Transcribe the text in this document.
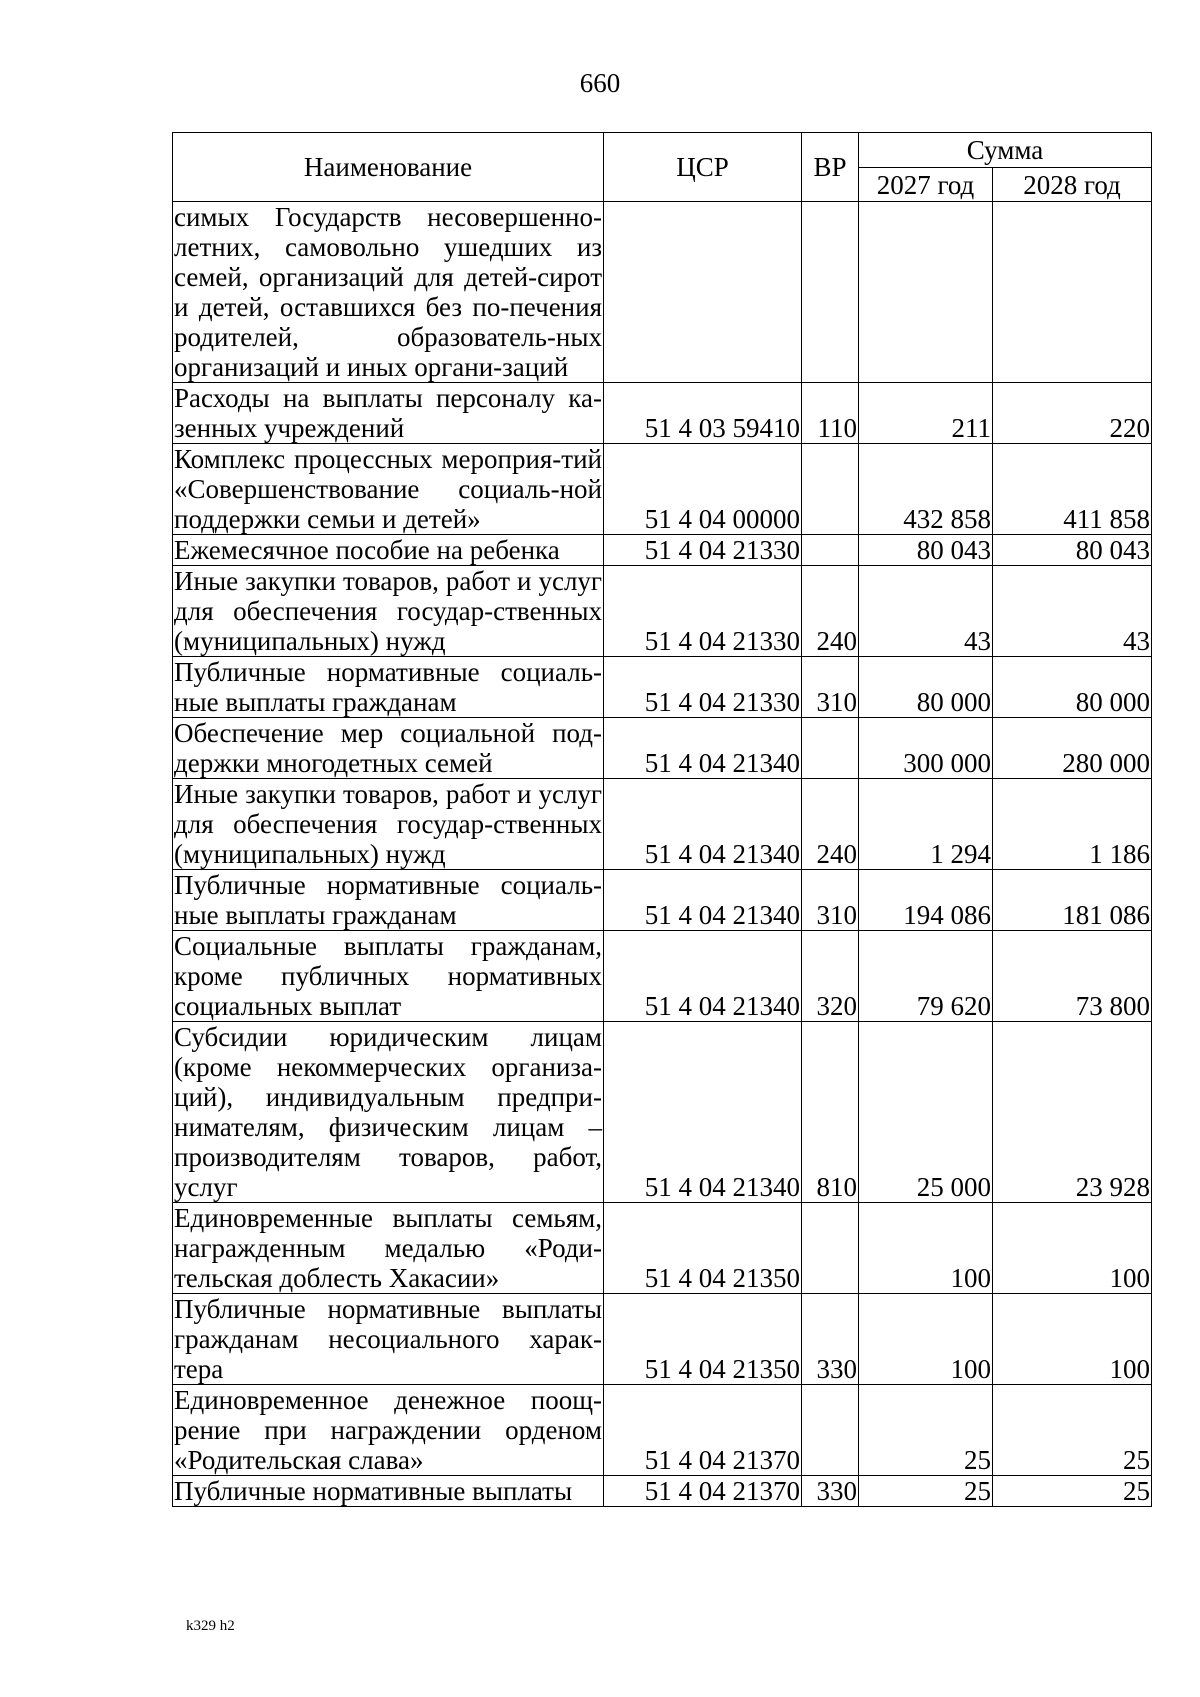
660
Наименование	ЦСР	ВР	Сумма	
			2027 год	2028 год
симых Государств несовершенно-летних, самовольно ушедших из семей, организаций для детей-сирот и детей, оставшихся без по-печения родителей, образователь-ных организаций и иных органи-заций				
Расходы на выплаты персоналу ка-зенных учреждений	51 4 03 59410	110	211	220
Комплекс процессных мероприя-тий «Совершенствование социаль-ной поддержки семьи и детей»	51 4 04 00000		432 858	411 858
Ежемесячное пособие на ребенка	51 4 04 21330		80 043	80 043
Иные закупки товаров, работ и услуг для обеспечения государ-ственных (муниципальных) нужд	51 4 04 21330	240	43	43
Публичные нормативные социаль-ные выплаты гражданам	51 4 04 21330	310	80 000	80 000
Обеспечение мер социальной под-держки многодетных семей	51 4 04 21340		300 000	280 000
Иные закупки товаров, работ и услуг для обеспечения государ-ственных (муниципальных) нужд	51 4 04 21340	240	1 294	1 186
Публичные нормативные социаль-ные выплаты гражданам	51 4 04 21340	310	194 086	181 086
Социальные выплаты гражданам, кроме публичных нормативных социальных выплат	51 4 04 21340	320	79 620	73 800
Субсидии юридическим лицам (кроме некоммерческих организа-ций), индивидуальным предпри-нимателям, физическим лицам – производителям товаров, работ, услуг	51 4 04 21340	810	25 000	23 928
Единовременные выплаты семьям, награжденным медалью «Роди-тельская доблесть Хакасии»	51 4 04 21350		100	100
Публичные нормативные выплаты гражданам несоциального харак-тера	51 4 04 21350	330	100	100
Единовременное денежное поощ-рение при награждении орденом «Родительская слава»	51 4 04 21370		25	25
Публичные нормативные выплаты	51 4 04 21370	330	25	25
k329 h2
